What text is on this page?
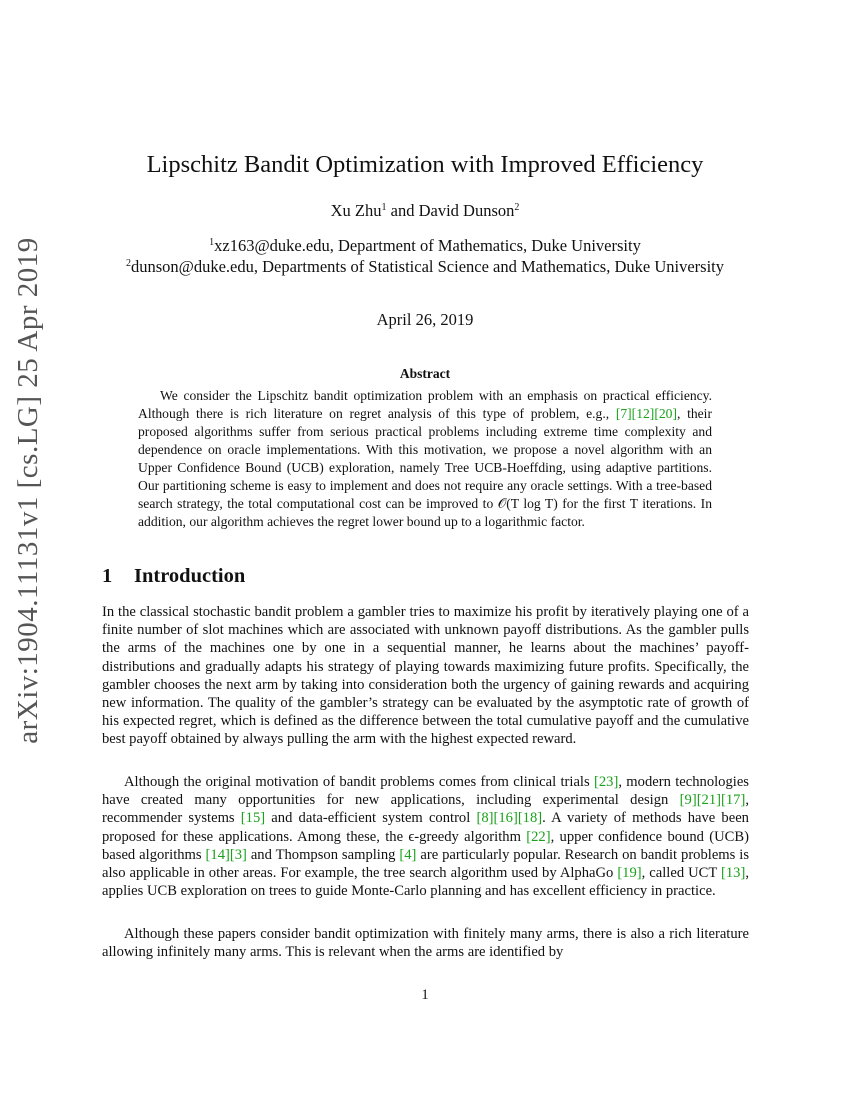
arXiv:1904.11131v1 [cs.LG] 25 Apr 2019
Lipschitz Bandit Optimization with Improved Efficiency
Xu Zhu$^1$ and David Dunson$^2$
$^1$xz163@duke.edu, Department of Mathematics, Duke University
$^2$dunson@duke.edu, Departments of Statistical Science and Mathematics, Duke University
April 26, 2019
Abstract

We consider the Lipschitz bandit optimization problem with an emphasis on practical efficiency. Although there is rich literature on regret analysis of this type of problem, e.g., [7][12][20], their proposed algorithms suffer from serious practical problems including extreme time complexity and dependence on oracle implementations. With this motivation, we propose a novel algorithm with an Upper Confidence Bound (UCB) exploration, namely Tree UCB-Hoeffding, using adaptive partitions. Our partitioning scheme is easy to implement and does not require any oracle settings. With a tree-based search strategy, the total computational cost can be improved to 𝒪(T log T) for the first T iterations. In addition, our algorithm achieves the regret lower bound up to a logarithmic factor.

1 Introduction

In the classical stochastic bandit problem a gambler tries to maximize his profit by iteratively playing one of a finite number of slot machines which are associated with unknown payoff distributions. As the gambler pulls the arms of the machines one by one in a sequential manner, he learns about the machines’ payoff-distributions and gradually adapts his strategy of playing towards maximizing future profits. Specifically, the gambler chooses the next arm by taking into consideration both the urgency of gaining rewards and acquiring new information. The quality of the gambler’s strategy can be evaluated by the asymptotic rate of growth of his expected regret, which is defined as the difference between the total cumulative payoff and the cumulative best payoff obtained by always pulling the arm with the highest expected reward.

Although the original motivation of bandit problems comes from clinical trials [23], modern technologies have created many opportunities for new applications, including experimental design [9][21][17], recommender systems [15] and data-efficient system control [8][16][18]. A variety of methods have been proposed for these applications. Among these, the ϵ-greedy algorithm [22], upper confidence bound (UCB) based algorithms [14][3] and Thompson sampling [4] are particularly popular. Research on bandit problems is also applicable in other areas. For example, the tree search algorithm used by AlphaGo [19], called UCT [13], applies UCB exploration on trees to guide Monte-Carlo planning and has excellent efficiency in practice.

Although these papers consider bandit optimization with finitely many arms, there is also a rich literature allowing infinitely many arms. This is relevant when the arms are identified by

1
